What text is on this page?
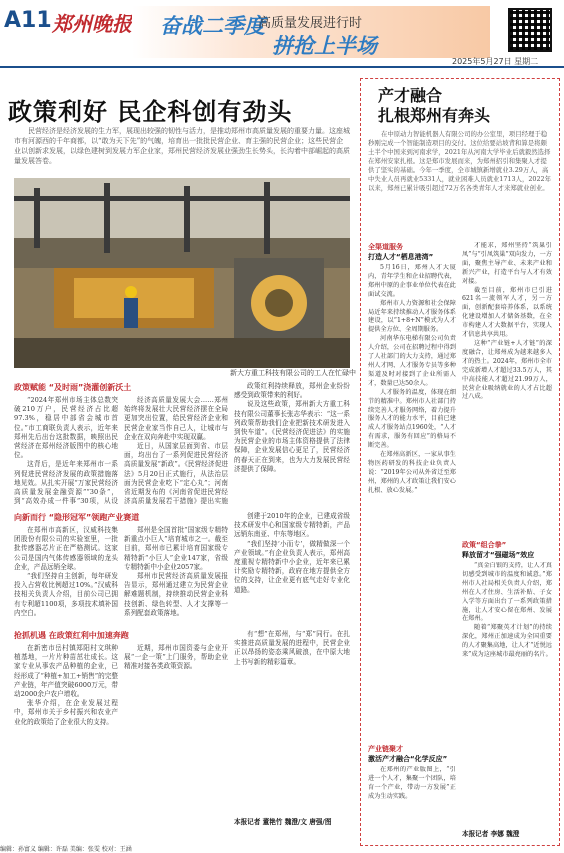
A11 郑州晚报 奋战二季度
高质量发展进行时
拼抢上半场
2025年5月27日 星期二
政策利好 民企科创有劲头
民营经济是经济发展的生力军，展现出较强的韧性与活力，是推动郑州市高质量发展的重要力量。这座城市有河源西的千年商都，以“敢为天下先”的气魄，培育出一批批民营企业、育主强的民营企业；这些民营企业以创新求发展，以绿色建树到发展力军企业家，郑州民营经济发展业强劲生长势头，长沟着中部崛起的高质量发展答卷。
新大方重工科技有限公司的工人在忙碌中
政策赋能 “及时雨”浇灌创新沃土

“2024年郑州市场主体总数突破210万户，民营经济占比超97.3%，稳居中部省会城市首位。”市工商联负责人表示，近年来郑州先后出台这批数据，映照出民营经济在郑州经济版图中的核心地位。

这背后，是近年来郑州市一系列促进民营经济发展的政策措施落地见效。从扎实开展“万家民营经济高质量发展金融资源”“30条”，到“高效办成一件事”30项，从设

经济高质量发展大会……郑州始终将发展壮大民营经济摆在全局更加突出位置，给民营经济企业和民营企业家当作自己人，让城市与企业在双向奔赴中实现双赢。

近日，从国家层面到省、市层面，均出台了一系列促进民营经济高质量发展“新政”。《民营经济促进法》5月20日正式施行，从法治层面为民营企业吃下“定心丸”；河南省近期发布的《河南省促进民营经济高质量发展若干措施》提出实施

政策红利持续释放，郑州企业纷纷感受到政策带来的利好。

说及这些政策，郑州新大方重工科技有限公司董事长张志华表示：“这一系列政策帮助我们企业把新技术研发进入到快车道”。《民营经济促进法》的实施为民营企业的市场主体资格提供了法律保障，企业发展信心更足了，民营经济的春天正在到来，也为大力发展民营经济提供了保障。

向新而行 “隐形冠军”领跑产业赛道

在郑州市高新区，汉威科技集团股份有限公司的实验室里，一批批传感器芯片正在严格测试。这家公司是国内气体传感器领域的龙头企业，产品远销全球。

“我们坚持自主创新，每年研发投入占营收比例超过10%。”汉威科技相关负责人介绍，目前公司已拥有专利超1100项，多项技术填补国内空白。

郑州是全国首批“国家级专精特新重点小巨人”培育城市之一。截至目前，郑州市已累计培育国家级专精特新“小巨人”企业147家，省级专精特新中小企业2057家。

郑州市民营经济高质量发展报告显示，郑州通过建立为民营企业解难题机制，持续推动民营企业科技创新、绿色转型、人才支撑等一系列配套政策落地。

创建于2010年的企业，已建成省级技术研发中心和国家级专精特新，产品远销东南亚、中东等地区。

“我们坚持‘小而专’，做精做深一个产业领域。”有企业负责人表示，郑州高度重视专精特新中小企业，近年来已累计奖励专精特新，政府在地方提供全方位的支持，让企业更有底气走好专业化道路。

抢抓机遇 在政策红利中加速奔跑

在新密市岳村镇郑阳村文琪种植基地，一片片种苗茁壮成长。这家专业从事农产品种植的企业，已经形成了“种植+加工+销售”的完整产业链，年产值突破6000万元，带动2000余户农户增收。

张华介绍，在企业发展过程中，郑州市关于乡村振兴和农业产业化的政策给了企业很大的支持。

近期，郑州市国资委与企业开展“一企一策”上门服务，帮助企业精准对接各类政策资源。

有“想”在郑州，与“郑”同行。在扎实推进高质量发展的进程中，民营企业正以昂扬的姿态乘风破浪，在中原大地上书写新的精彩篇章。

本报记者 董艳竹 魏澄/文 唐强/图
产才融合
扎根郑州有奔头
在中原动力智能机器人有限公司的办公室里，项目经理于稳秒刚完成一个智能制造项目的交付。这位给要站坡背和算是将颇土半个中国来到河南求学，2021年从河南大学毕业后就毅然选择在郑州安家扎根。这是郑市发展而来，为郑州招引和集聚人才提供了坚实的基础。今年一季度，全市城镇新增就业3.29万人，高中失业人员再就业5331人，就业困难人员就业1713人，2022年以来，郑州已累计吸引超过72万名各类青年人才来郑就业创业。
全渠道服务
打造人才“栖息港湾”

5月16日，郑州人才大厦内，青年学生和企业招聘代表，郑州中原的企事业单位代表在此面试交流。

郑州市人力资源和社会保障局近年来持续推动人才服务体系建设，以“1+8+N”模式为人才提供全方位、全周期服务。

河南华东电梯有限公司负责人介绍，公司在招聘过程中得到了人社部门的大力支持，通过郑州人才网、人才服务专员等多种渠道及时对接到了企业所需人才，数量已达50余人。

人才服务的温度，体现在细节的精准中。郑州市人社部门持续完善人才服务网络，着力提升服务人才的能力水平，目前已建成人才服务站点1960处，“人才有需求，服务有回应”的格局不断完善。

在郑州高新区，一家从事生物医药研发的科技企业负责人说：“2019年公司从外省迁至郑州，郑州的人才政策让我们安心扎根、放心发展。”

产业链聚才
激活产才融合“化学反应”

在郑州的产业版图上，“引进一个人才，集聚一个团队，培育一个产业，带动一方发展”正成为生动实践。

才能求，郑州坚持“筑巢引凤”与“引凤筑巢”双向发力，一方面，聚焦主导产业、未来产业和新兴产业，打造平台与人才有效对接。

截至目前，郑州市已引进621名一流领军人才，另一方面，创新配套培养体系，以系统化建设增加人才储备基数，在全市构建人才大数据平台，实现人才信息共享共用。

这种“产业链+人才链”的深度融合，让郑州成为越来越多人才的热土。2024年，郑州市全市完成新增人才超过33.5万人，其中高技能人才超过21.99万人，民营企业吸纳就业的人才占比超过八成。

政策“组合拳”
释放留才“强磁场”效应

“真金白银的支持，让人才真切感受到城市的温度和诚意。”郑州市人社局相关负责人介绍，郑州在人才住房、生活补贴、子女入学等方面出台了一系列政策措施，让人才安心留在郑州、发展在郑州。

随着“郑聚英才计划”的持续深化，郑州正加速成为全国重要的人才聚集高地，让人才“近悦远来”成为这座城市最亮丽的名片。

本报记者 李娜 魏澄
编辑：孙富义 编辑：许磊 美编：张雯 校对：王涵
